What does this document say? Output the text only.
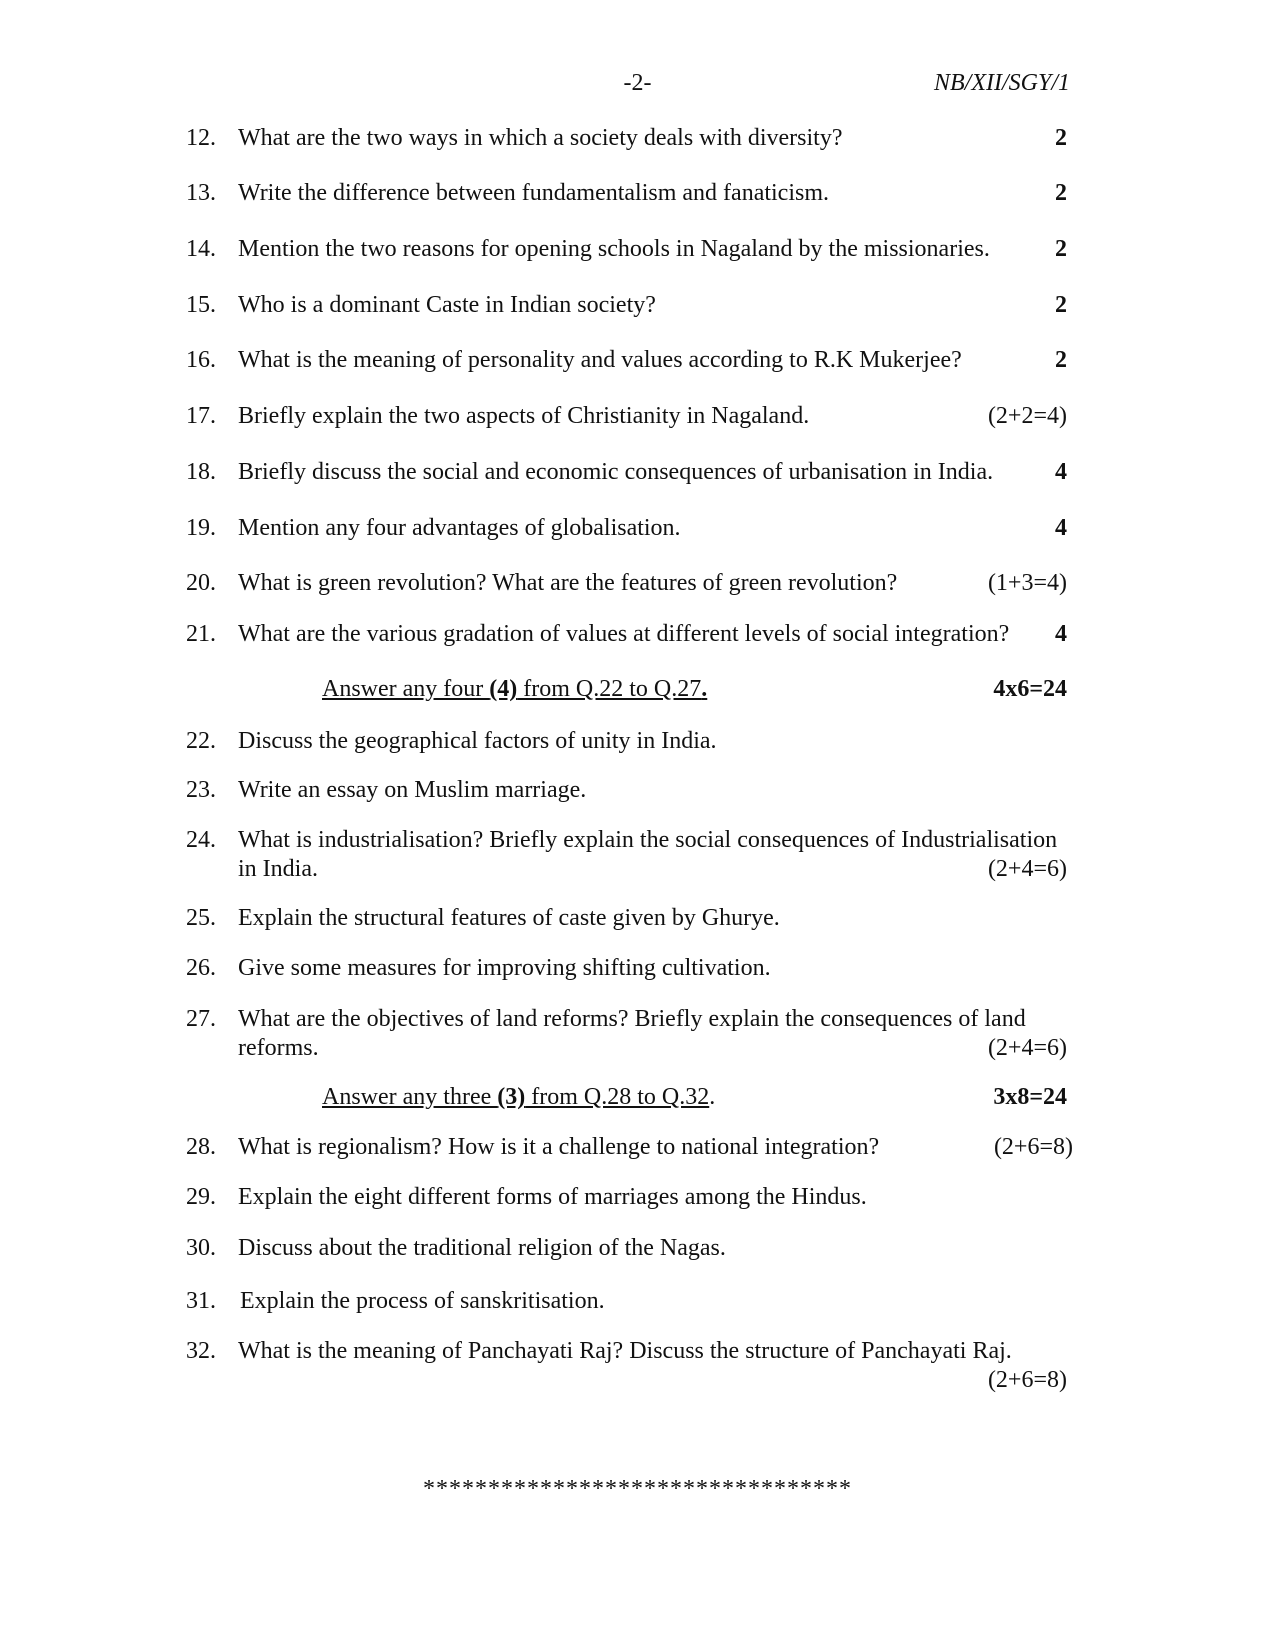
-2-	NB/XII/SGY/1
12. What are the two ways in which a society deals with diversity?	2
13. Write the difference between fundamentalism and fanaticism.	2
14. Mention the two reasons for opening schools in Nagaland by the missionaries.	2
15. Who is a dominant Caste in Indian society?	2
16. What is the meaning of personality and values according to R.K Mukerjee?	2
17. Briefly explain the two aspects of Christianity in Nagaland.	(2+2=4)
18. Briefly discuss the social and economic consequences of urbanisation in India.	4
19. Mention any four advantages of globalisation.	4
20. What is green revolution? What are the features of green revolution?	(1+3=4)
21. What are the various gradation of values at different levels of social integration? 4
Answer any four (4) from Q.22 to Q.27.	4x6=24
22. Discuss the geographical factors of unity in India.
23. Write an essay on Muslim marriage.
24. What is industrialisation? Briefly explain the social consequences of Industrialisation
in India.	(2+4=6)
25. Explain the structural features of caste given by Ghurye.
26. Give some measures for improving shifting cultivation.
27. What are the objectives of land reforms? Briefly explain the consequences of land
reforms.	(2+4=6)
Answer any three (3) from Q.28 to Q.32.	3x8=24
28. What is regionalism? How is it a challenge to national integration?	(2+6=8)
29. Explain the eight different forms of marriages among the Hindus.
30. Discuss about the traditional religion of the Nagas.
31.	Explain the process of sanskritisation.
32. What is the meaning of Panchayati Raj? Discuss the structure of Panchayati Raj.
(2+6=8)
*********************************
